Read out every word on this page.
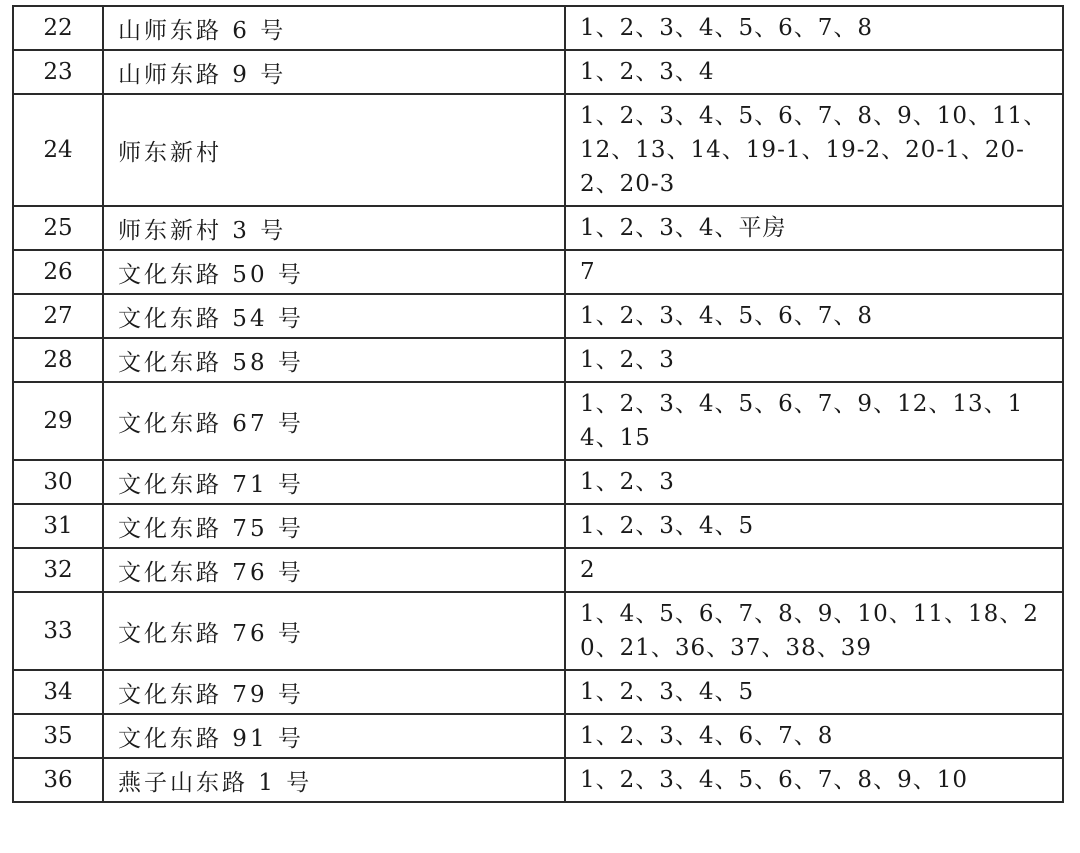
22	山师东路 6 号	1、2、3、4、5、6、7、8
23	山师东路 9 号	1、2、3、4
24	师东新村	1、2、3、4、5、6、7、8、9、10、11、12、13、14、19-1、19-2、20-1、20-2、20-3
25	师东新村 3 号	1、2、3、4、平房
26	文化东路 50 号	7
27	文化东路 54 号	1、2、3、4、5、6、7、8
28	文化东路 58 号	1、2、3
29	文化东路 67 号	1、2、3、4、5、6、7、9、12、13、14、15
30	文化东路 71 号	1、2、3
31	文化东路 75 号	1、2、3、4、5
32	文化东路 76 号	2
33	文化东路 76 号	1、4、5、6、7、8、9、10、11、18、20、21、36、37、38、39
34	文化东路 79 号	1、2、3、4、5
35	文化东路 91 号	1、2、3、4、6、7、8
36	燕子山东路 1 号	1、2、3、4、5、6、7、8、9、10
